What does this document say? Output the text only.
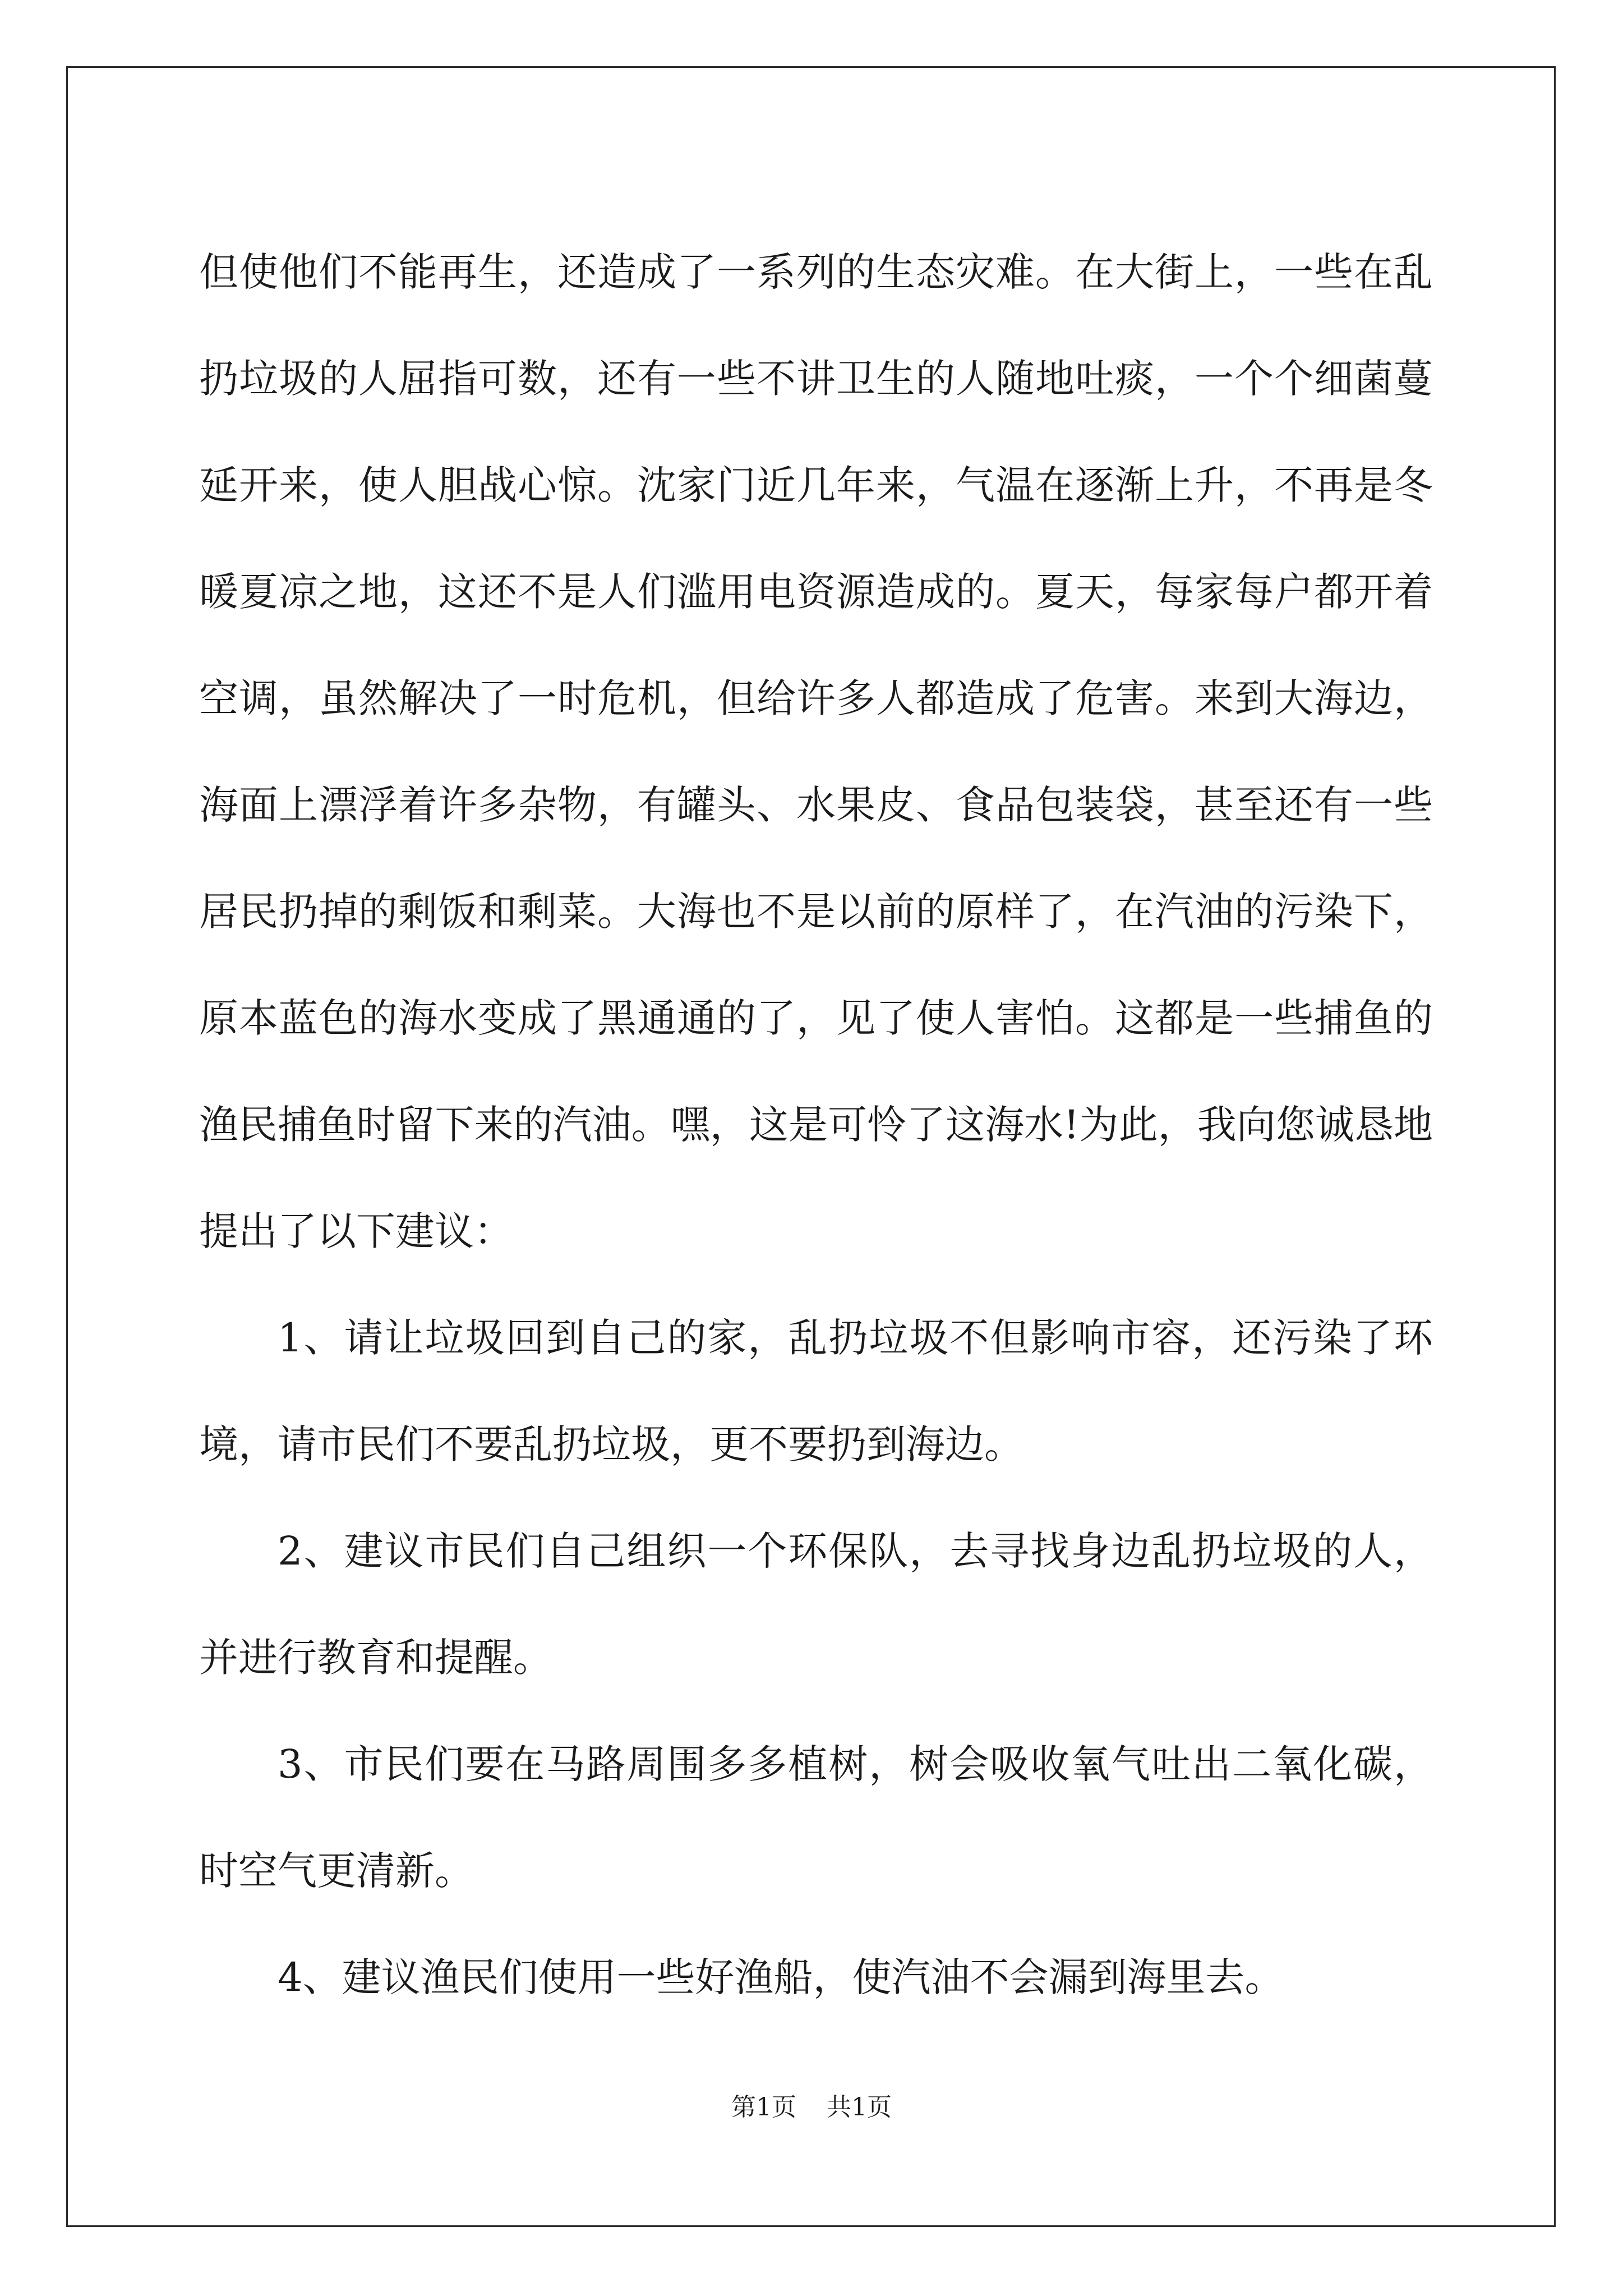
但使他们不能再生，还造成了一系列的生态灾难。在大街上，一些在乱扔垃圾的人屈指可数，还有一些不讲卫生的人随地吐痰，一个个细菌蔓延开来，使人胆战心惊。沈家门近几年来，气温在逐渐上升，不再是冬暖夏凉之地，这还不是人们滥用电资源造成的。夏天，每家每户都开着空调，虽然解决了一时危机，但给许多人都造成了危害。来到大海边，海面上漂浮着许多杂物，有罐头、水果皮、食品包装袋，甚至还有一些居民扔掉的剩饭和剩菜。大海也不是以前的原样了，在汽油的污染下，原本蓝色的海水变成了黑通通的了，见了使人害怕。这都是一些捕鱼的渔民捕鱼时留下来的汽油。嘿，这是可怜了这海水!为此，我向您诚恳地提出了以下建议：

1、请让垃圾回到自己的家，乱扔垃圾不但影响市容，还污染了环境，请市民们不要乱扔垃圾，更不要扔到海边。

2、建议市民们自己组织一个环保队，去寻找身边乱扔垃圾的人，并进行教育和提醒。

3、市民们要在马路周围多多植树，树会吸收氧气吐出二氧化碳，时空气更清新。

4、建议渔民们使用一些好渔船，使汽油不会漏到海里去。

第1页 共1页
